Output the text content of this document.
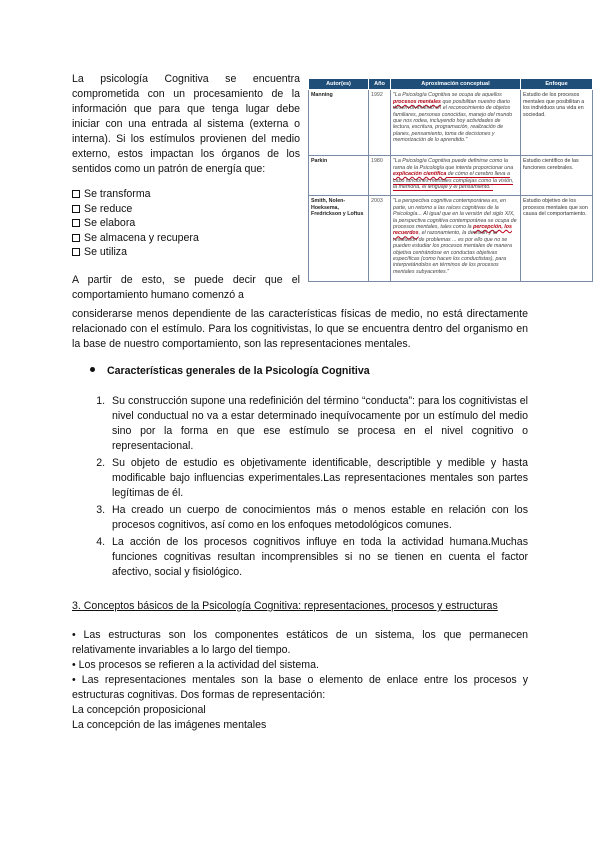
La psicología Cognitiva se encuentra comprometida con un procesamiento de la información que para que tenga lugar debe iniciar con una entrada al sistema (externa o interna). Si los estímulos provienen del medio externo, estos impactan los órganos de los sentidos como un patrón de energía que:

Se transforma
Se reduce
Se elabora
Se almacena y recupera
Se utiliza

A partir de esto, se puede decir que el comportamiento humano comenzó a

Autor(es)	Año	Aproximación conceptual	Enfoque
Manning	1992	"La Psicología Cognitiva se ocupa de aquellos procesos mentales que posibilitan nuestro diario desenvolvimiento en el reconocimiento de objetos familiares, personas conocidas, manejo del mundo que nos rodea, incluyendo hoy actividades de lectura, escritura, programación, realización de planes, pensamiento, toma de decisiones y memorización de lo aprendido."	Estudio de los procesos mentales que posibilitan a los individuos una vida en sociedad.
Parkin	1980	"La Psicología Cognitiva puede definirse como la rama de la Psicología que intenta proporcionar una explicación científica de cómo el cerebro lleva a cabo funciones mentales complejas como la visión, la memoria, el lenguaje y el pensamiento."	Estudio científico de las funciones cerebrales.
Smith, Nolen-Hoeksema, Fredrickson y Loftus	2003	"La perspectiva cognitiva contemporánea es, en parte, un retorno a las raíces cognitivas de la Psicología... Al igual que en la versión del siglo XIX, la perspectiva cognitiva contemporánea se ocupa de procesos mentales, tales como la percepción, los recuerdos, el razonamiento, la decisión y la resolución de problemas ... es por ello que no se pueden estudiar los procesos mentales de manera objetiva centrándose en conductas objetivas específicas (como hacen los conductistas), para interpretándolos en términos de los procesos mentales subyacentes."	Estudio objetivo de los procesos mentales que son causa del comportamiento.

considerarse menos dependiente de las características físicas de medio, no está directamente relacionado con el estímulo. Para los cognitivistas, lo que se encuentra dentro del organismo en la base de nuestro comportamiento, son las representaciones mentales.

Características generales de la Psicología Cognitiva
1. Su construcción supone una redefinición del término “conducta”: para los cognitivistas el nivel conductual no va a estar determinado inequívocamente por un estímulo del medio sino por la forma en que ese estímulo se procesa en el nivel cognitivo o representacional.
2. Su objeto de estudio es objetivamente identificable, descriptible y medible y hasta modificable bajo influencias experimentales.Las representaciones mentales son partes legítimas de él.
3. Ha creado un cuerpo de conocimientos más o menos estable en relación con los procesos cognitivos, así como en los enfoques metodológicos comunes.
4. La acción de los procesos cognitivos influye en toda la actividad humana.Muchas funciones cognitivas resultan incomprensibles si no se tienen en cuenta el factor afectivo, social y fisiológico.
3. Conceptos básicos de la Psicología Cognitiva: representaciones, procesos y estructuras

• Las estructuras son los componentes estáticos de un sistema, los que permanecen relativamente invariables a lo largo del tiempo.

• Los procesos se refieren a la actividad del sistema.

• Las representaciones mentales son la base o elemento de enlace entre los procesos y estructuras cognitivas. Dos formas de representación:

La concepción proposicional

La concepción de las imágenes mentales
